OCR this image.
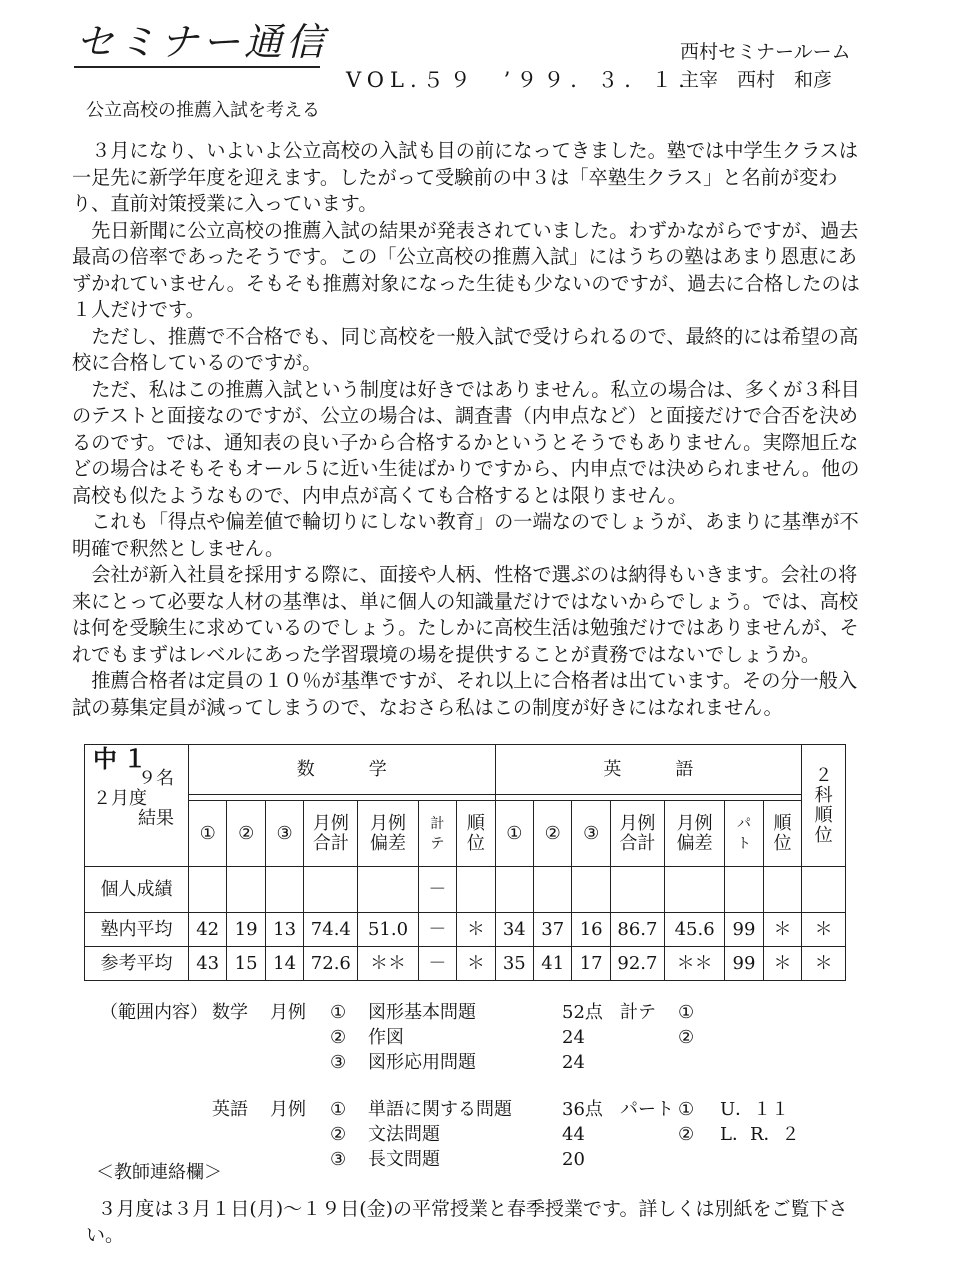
セミナー通信
VOL.５９　’９９．３．１．
西村セミナールーム
主宰　西村　和彦
公立高校の推薦入試を考える

３月になり、いよいよ公立高校の入試も目の前になってきました。塾では中学生クラスは一足先に新学年度を迎えます。したがって受験前の中３は「卒塾生クラス」と名前が変わり、直前対策授業に入っています。

先日新聞に公立高校の推薦入試の結果が発表されていました。わずかながらですが、過去最高の倍率であったそうです。この「公立高校の推薦入試」にはうちの塾はあまり恩恵にあずかれていません。そもそも推薦対象になった生徒も少ないのですが、過去に合格したのは１人だけです。

ただし、推薦で不合格でも、同じ高校を一般入試で受けられるので、最終的には希望の高校に合格しているのですが。

ただ、私はこの推薦入試という制度は好きではありません。私立の場合は、多くが３科目のテストと面接なのですが、公立の場合は、調査書（内申点など）と面接だけで合否を決めるのです。では、通知表の良い子から合格するかというとそうでもありません。実際旭丘などの場合はそもそもオール５に近い生徒ばかりですから、内申点では決められません。他の高校も似たようなもので、内申点が高くても合格するとは限りません。

これも「得点や偏差値で輪切りにしない教育」の一端なのでしょうが、あまりに基準が不明確で釈然としません。

会社が新入社員を採用する際に、面接や人柄、性格で選ぶのは納得もいきます。会社の将来にとって必要な人材の基準は、単に個人の知識量だけではないからでしょう。では、高校は何を受験生に求めているのでしょう。たしかに高校生活は勉強だけではありませんが、それでもまずはレベルにあった学習環境の場を提供することが責務ではないでしょうか。

推薦合格者は定員の１０％が基準ですが、それ以上に合格者は出ています。その分一般入試の募集定員が減ってしまうので、なおさら私はこの制度が好きにはなれません。

中１
９名
２月度
結果	数　　　学							英　　　語							２科順位

	①	②	③	月例合計	月例偏差	計テ	順位	①	②	③	月例合計	月例偏差	パト	順位	
個人成績						－									
塾内平均	42	19	13	74.4	51.0	－	＊	34	37	16	86.7	45.6	99	＊	＊
参考平均	43	15	14	72.6	＊＊	－	＊	35	41	17	92.7	＊＊	99	＊	＊
（範囲内容） 数学 月例 ① 図形基本問題	52点 計テ ①
② 作図	24	②
③ 図形応用問題	24
英語 月例 ① 単語に関する問題	36点 パート ① U．１１
② 文法問題	44	② L．R．２
③ 長文問題	20
＜教師連絡欄＞

３月度は３月１日(月)～１９日(金)の平常授業と春季授業です。詳しくは別紙をご覧下さい。
